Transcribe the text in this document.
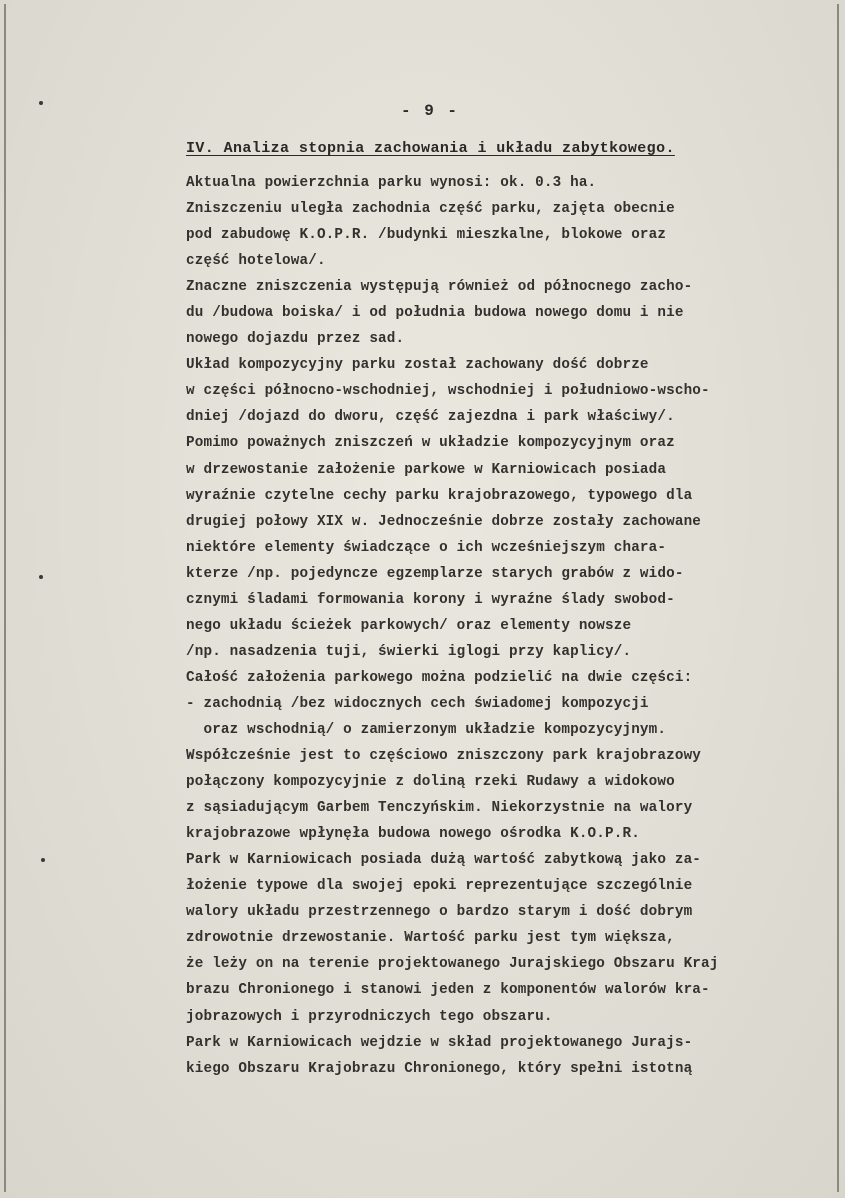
- 9 -
IV. Analiza stopnia zachowania i układu zabytkowego.
Aktualna powierzchnia parku wynosi: ok. 0.3 ha.
Zniszczeniu uległa zachodnia część parku, zajęta obecnie
pod zabudowę K.O.P.R. /budynki mieszkalne, blokowe oraz
część hotelowa/.
Znaczne zniszczenia występują również od północnego zacho-
du /budowa boiska/ i od południa budowa nowego domu i nie
nowego dojazdu przez sad.
Układ kompozycyjny parku został zachowany dość dobrze
w części północno-wschodniej, wschodniej i południowo-wscho-
dniej /dojazd do dworu, część zajezdna i park właściwy/.
Pomimo poważnych zniszczeń w układzie kompozycyjnym oraz
w drzewostanie założenie parkowe w Karniowicach posiada
wyraźnie czytelne cechy parku krajobrazowego, typowego dla
drugiej połowy XIX w. Jednocześnie dobrze zostały zachowane
niektóre elementy świadczące o ich wcześniejszym chara-
kterze /np. pojedyncze egzemplarze starych grabów z wido-
cznymi śladami formowania korony i wyraźne ślady swobod-
nego układu ścieżek parkowych/ oraz elementy nowsze
/np. nasadzenia tuji, świerki iglogi przy kaplicy/.
Całość założenia parkowego można podzielić na dwie części:
- zachodnią /bez widocznych cech świadomej kompozycji
oraz wschodnią/ o zamierzonym układzie kompozycyjnym.
Współcześnie jest to częściowo zniszczony park krajobrazowy
połączony kompozycyjnie z doliną rzeki Rudawy a widokowo
z sąsiadującym Garbem Tenczyńskim. Niekorzystnie na walory
krajobrazowe wpłynęła budowa nowego ośrodka K.O.P.R.
Park w Karniowicach posiada dużą wartość zabytkową jako za-
łożenie typowe dla swojej epoki reprezentujące szczególnie
walory układu przestrzennego o bardzo starym i dość dobrym
zdrowotnie drzewostanie. Wartość parku jest tym większa,
że leży on na terenie projektowanego Jurajskiego Obszaru Kraj
brazu Chronionego i stanowi jeden z komponentów walorów kra-
jobrazowych i przyrodniczych tego obszaru.
Park w Karniowicach wejdzie w skład projektowanego Jurajs-
kiego Obszaru Krajobrazu Chronionego, który spełni istotną
